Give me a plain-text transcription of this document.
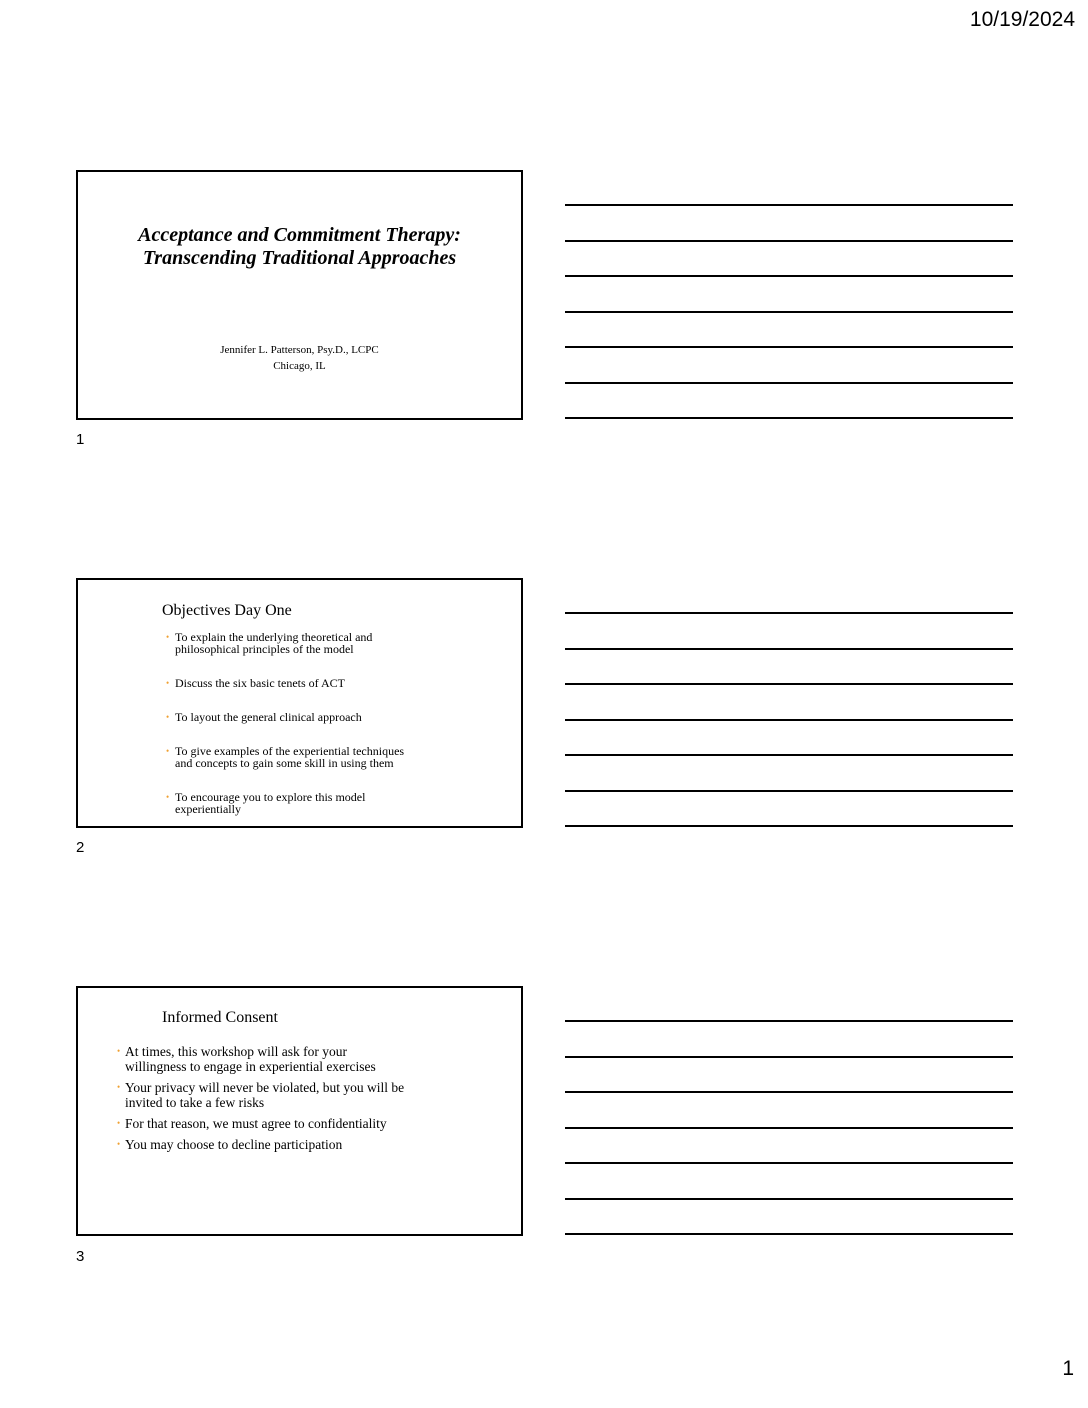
10/19/2024
Acceptance and Commitment Therapy:
Transcending Traditional Approaches
Jennifer L. Patterson, Psy.D., LCPC
Chicago, IL
1
Objectives Day One
• To explain the underlying theoretical and
philosophical principles of the model
• Discuss the six basic tenets of ACT
• To layout the general clinical approach
• To give examples of the experiential techniques
and concepts to gain some skill in using them
• To encourage you to explore this model
experientially
2
Informed Consent
• At times, this workshop will ask for your
willingness to engage in experiential exercises
• Your privacy will never be violated, but you will be
invited to take a few risks
• For that reason, we must agree to confidentiality
• You may choose to decline participation
3
1
